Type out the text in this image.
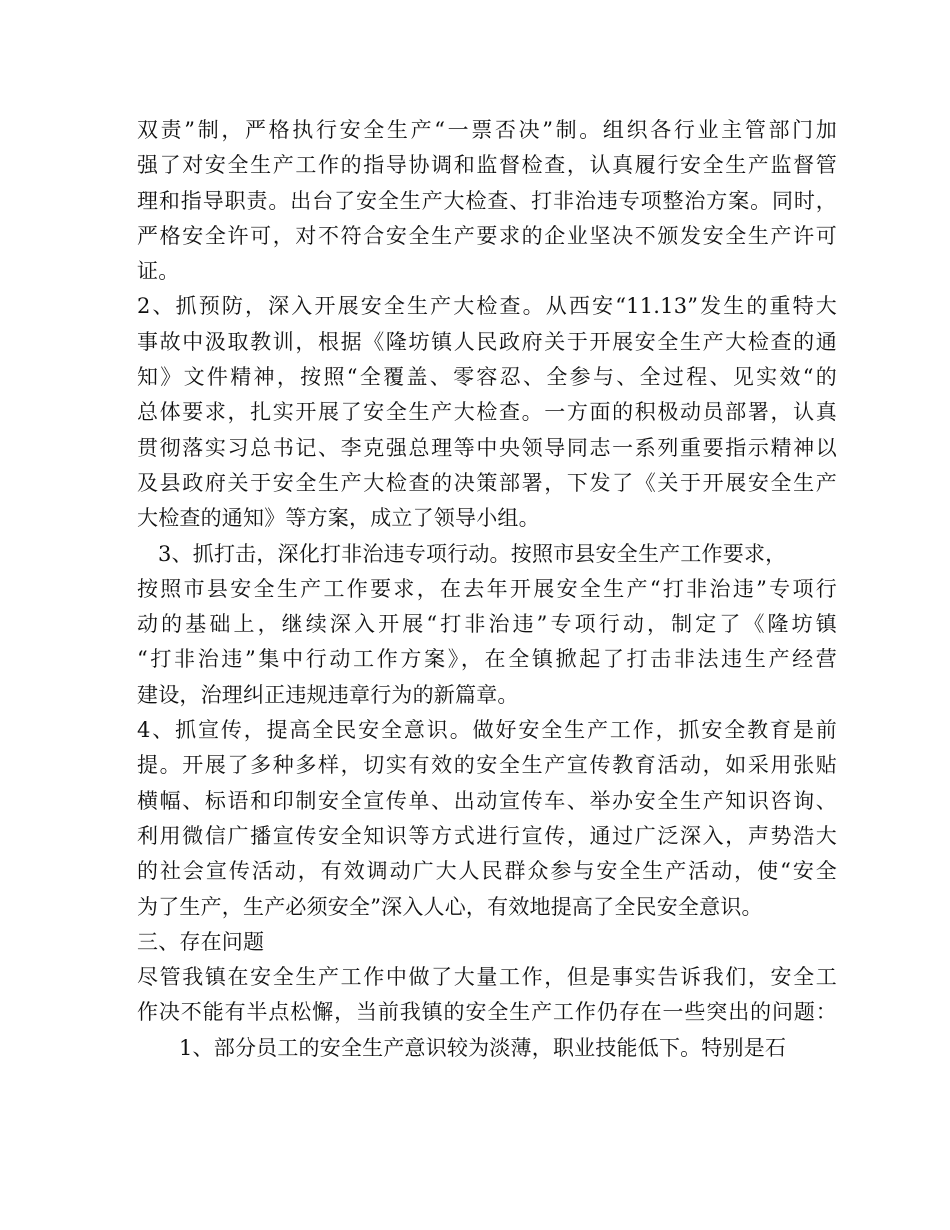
双责”制，严格执行安全生产“一票否决”制。组织各行业主管部门加
强了对安全生产工作的指导协调和监督检查，认真履行安全生产监督管
理和指导职责。出台了安全生产大检查、打非治违专项整治方案。同时，
严格安全许可，对不符合安全生产要求的企业坚决不颁发安全生产许可
证。
2、抓预防，深入开展安全生产大检查。从西安“11.13”发生的重特大
事故中汲取教训，根据《隆坊镇人民政府关于开展安全生产大检查的通
知》文件精神，按照“全覆盖、零容忍、全参与、全过程、见实效“的
总体要求，扎实开展了安全生产大检查。一方面的积极动员部署，认真
贯彻落实习总书记、李克强总理等中央领导同志一系列重要指示精神以
及县政府关于安全生产大检查的决策部署，下发了《关于开展安全生产
大检查的通知》等方案，成立了领导小组。
3、抓打击，深化打非治违专项行动。按照市县安全生产工作要求，
按照市县安全生产工作要求，在去年开展安全生产“打非治违”专项行
动的基础上，继续深入开展“打非治违”专项行动，制定了《隆坊镇
“打非治违”集中行动工作方案》，在全镇掀起了打击非法违生产经营
建设，治理纠正违规违章行为的新篇章。
4、抓宣传，提高全民安全意识。做好安全生产工作，抓安全教育是前
提。开展了多种多样，切实有效的安全生产宣传教育活动，如采用张贴
横幅、标语和印制安全宣传单、出动宣传车、举办安全生产知识咨询、
利用微信广播宣传安全知识等方式进行宣传，通过广泛深入，声势浩大
的社会宣传活动，有效调动广大人民群众参与安全生产活动，使“安全
为了生产，生产必须安全”深入人心，有效地提高了全民安全意识。
三、存在问题
尽管我镇在安全生产工作中做了大量工作，但是事实告诉我们，安全工
作决不能有半点松懈，当前我镇的安全生产工作仍存在一些突出的问题：
1、部分员工的安全生产意识较为淡薄，职业技能低下。特别是石
